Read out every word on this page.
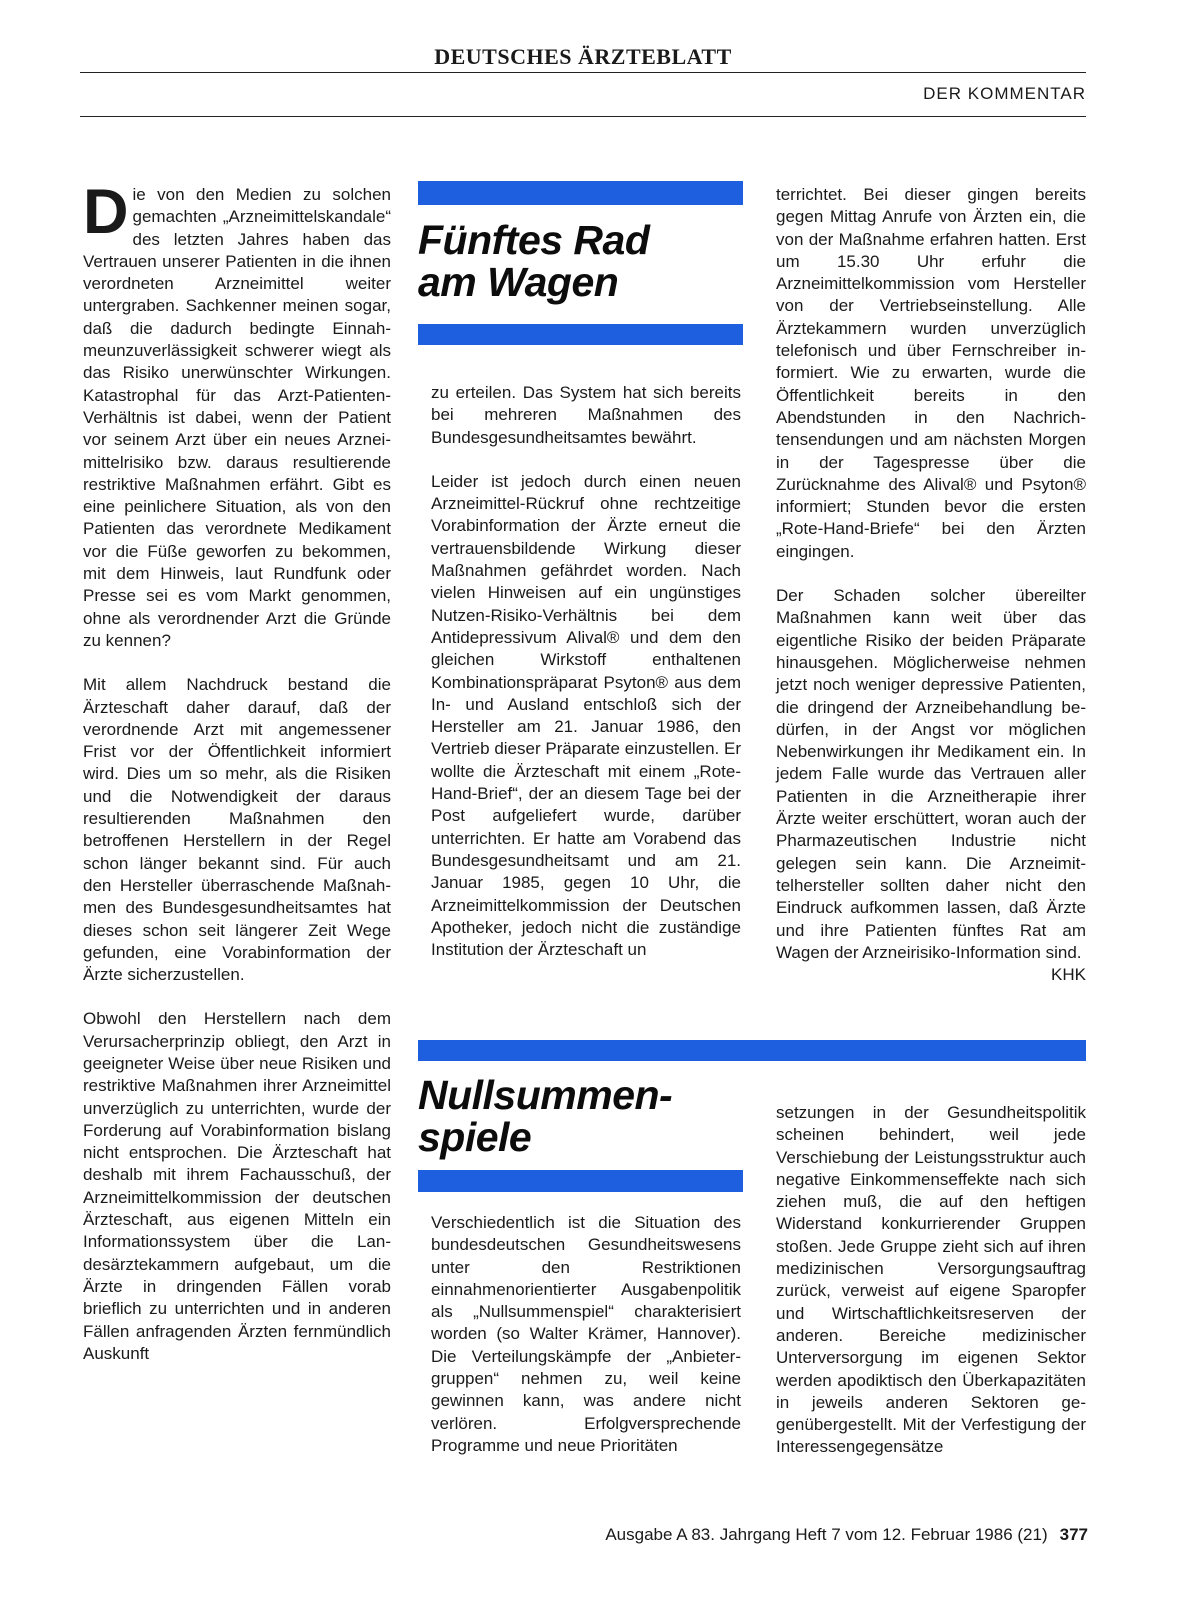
DEUTSCHES ÄRZTEBLATT
DER KOMMENTAR
Fünftes Rad
am Wagen

Die von den Medien zu solchen gemachten „Arzneimittelskandale“ des letzten Jahres haben das Vertrauen unserer Patienten in die ihnen verordneten Arzneimittel weiter untergraben. Sachkenner meinen sogar, daß die dadurch bedingte Einnahmeunzuverlässigkeit schwerer wiegt als das Risiko unerwünschter Wirkungen. Katastrophal für das Arzt-Patienten-Verhältnis ist dabei, wenn der Patient vor seinem Arzt über ein neues Arzneimittelrisiko bzw. daraus resultierende restriktive Maßnahmen erfährt. Gibt es eine peinlichere Situation, als von den Patienten das verordnete Medikament vor die Füße geworfen zu bekommen, mit dem Hinweis, laut Rundfunk oder Presse sei es vom Markt genommen, ohne als verordnender Arzt die Gründe zu kennen?

Mit allem Nachdruck bestand die Ärzteschaft daher darauf, daß der verordnende Arzt mit angemessener Frist vor der Öffentlichkeit informiert wird. Dies um so mehr, als die Risiken und die Notwendigkeit der daraus resultierenden Maßnahmen den betroffenen Herstellern in der Regel schon länger bekannt sind. Für auch den Hersteller überraschende Maßnahmen des Bundesgesundheitsamtes hat dieses schon seit längerer Zeit Wege gefunden, eine Vorabinformation der Ärzte sicherzustellen.

Obwohl den Herstellern nach dem Verursacherprinzip obliegt, den Arzt in geeigneter Weise über neue Risiken und restriktive Maßnahmen ihrer Arzneimittel unverzüglich zu unterrichten, wurde der Forderung auf Vorabinformation bislang nicht entsprochen. Die Ärzteschaft hat deshalb mit ihrem Fachausschuß, der Arzneimittelkommission der deutschen Ärzteschaft, aus eigenen Mitteln ein Informationssystem über die Landesärztekammern aufgebaut, um die Ärzte in dringenden Fällen vorab brieflich zu unterrichten und in anderen Fällen anfragenden Ärzten fernmündlich Auskunft

zu erteilen. Das System hat sich bereits bei mehreren Maßnahmen des Bundesgesundheitsamtes bewährt.

Leider ist jedoch durch einen neuen Arzneimittel-Rückruf ohne rechtzeitige Vorabinformation der Ärzte erneut die vertrauensbildende Wirkung dieser Maßnahmen gefährdet worden. Nach vielen Hinweisen auf ein ungünstiges Nutzen-Risiko-Verhältnis bei dem Antidepressivum Alival® und dem den gleichen Wirkstoff enthaltenen Kombinationspräparat Psyton® aus dem In- und Ausland entschloß sich der Hersteller am 21. Januar 1986, den Vertrieb dieser Präparate einzustellen. Er wollte die Ärzteschaft mit einem „Rote-Hand-Brief“, der an diesem Tage bei der Post aufgeliefert wurde, darüber unterrichten. Er hatte am Vorabend das Bundesgesundheitsamt und am 21. Januar 1985, gegen 10 Uhr, die Arzneimittelkommission der Deutschen Apotheker, jedoch nicht die zuständige Institution der Ärzteschaft un

terrichtet. Bei dieser gingen bereits gegen Mittag Anrufe von Ärzten ein, die von der Maßnahme erfahren hatten. Erst um 15.30 Uhr erfuhr die Arzneimittelkommission vom Hersteller von der Vertriebseinstellung. Alle Ärztekammern wurden unverzüglich telefonisch und über Fernschreiber informiert. Wie zu erwarten, wurde die Öffentlichkeit bereits in den Abendstunden in den Nachrichtensendungen und am nächsten Morgen in der Tagespresse über die Zurücknahme des Alival® und Psyton® informiert; Stunden bevor die ersten „Rote-Hand-Briefe“ bei den Ärzten eingingen.

Der Schaden solcher übereilter Maßnahmen kann weit über das eigentliche Risiko der beiden Präparate hinausgehen. Möglicherweise nehmen jetzt noch weniger depressive Patienten, die dringend der Arzneibehandlung bedürfen, in der Angst vor möglichen Nebenwirkungen ihr Medikament ein. In jedem Falle wurde das Vertrauen aller Patienten in die Arzneitherapie ihrer Ärzte weiter erschüttert, woran auch der Pharmazeutischen Industrie nicht gelegen sein kann. Die Arzneimittelhersteller sollten daher nicht den Eindruck aufkommen lassen, daß Ärzte und ihre Patienten fünftes Rat am Wagen der Arzneirisiko-Information sind.
KHK

Nullsummen-
spiele

Verschiedentlich ist die Situation des bundesdeutschen Gesundheitswesens unter den Restriktionen einnahmenorientierter Ausgabenpolitik als „Nullsummenspiel“ charakterisiert worden (so Walter Krämer, Hannover). Die Verteilungskämpfe der „Anbietergruppen“ nehmen zu, weil keine gewinnen kann, was andere nicht verlören. Erfolgversprechende Programme und neue Prioritäten

setzungen in der Gesundheitspolitik scheinen behindert, weil jede Verschiebung der Leistungsstruktur auch negative Einkommenseffekte nach sich ziehen muß, die auf den heftigen Widerstand konkurrierender Gruppen stoßen. Jede Gruppe zieht sich auf ihren medizinischen Versorgungsauftrag zurück, verweist auf eigene Sparopfer und Wirtschaftlichkeitsreserven der anderen. Bereiche medizinischer Unterversorgung im eigenen Sektor werden apodiktisch den Überkapazitäten in jeweils anderen Sektoren gegenübergestellt. Mit der Verfestigung der Interessengegensätze

Ausgabe A 83. Jahrgang Heft 7 vom 12. Februar 1986 (21) 377
